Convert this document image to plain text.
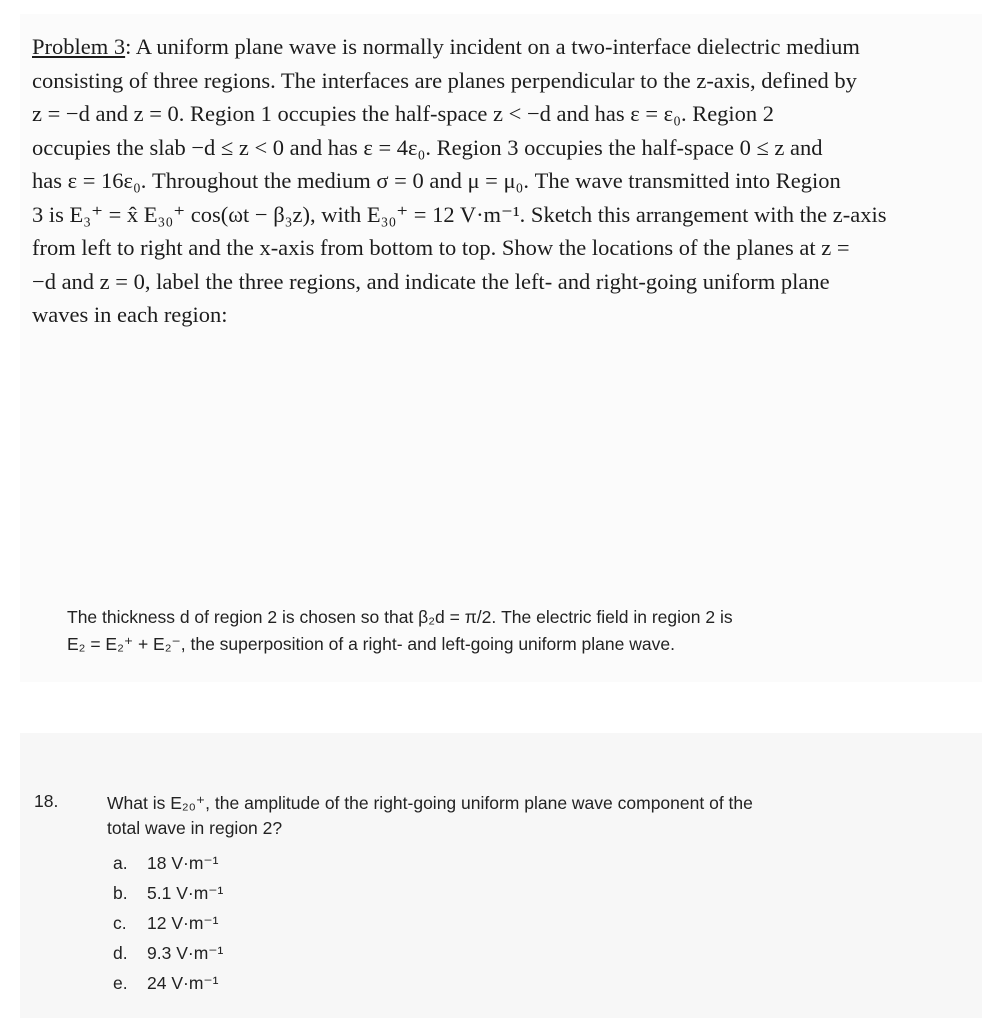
Problem 3: A uniform plane wave is normally incident on a two-interface dielectric medium

consisting of three regions. The interfaces are planes perpendicular to the z-axis, defined by

z = −d and z = 0. Region 1 occupies the half-space z < −d and has ε = ε₀. Region 2

occupies the slab −d ≤ z < 0 and has ε = 4ε₀. Region 3 occupies the half-space 0 ≤ z and

has ε = 16ε₀. Throughout the medium σ = 0 and μ = μ₀. The wave transmitted into Region

3 is E₃⁺ = x̂ E₃₀⁺ cos(ωt − β₃z), with E₃₀⁺ = 12 V·m⁻¹. Sketch this arrangement with the z-axis

from left to right and the x-axis from bottom to top. Show the locations of the planes at z =

−d and z = 0, label the three regions, and indicate the left- and right-going uniform plane

waves in each region:

The thickness d of region 2 is chosen so that β₂d = π/2. The electric field in region 2 is

E₂ = E₂⁺ + E₂⁻, the superposition of a right- and left-going uniform plane wave.

18.	What is E₂₀⁺, the amplitude of the right-going uniform plane wave component of the

total wave in region 2?

a. 18 V·m⁻¹
b. 5.1 V·m⁻¹
c. 12 V·m⁻¹
d. 9.3 V·m⁻¹
e. 24 V·m⁻¹
